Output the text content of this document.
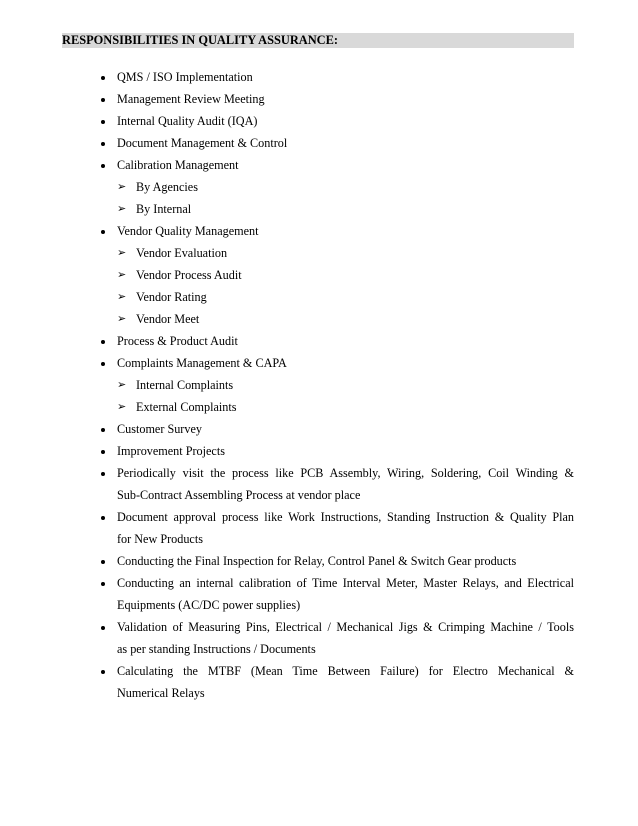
RESPONSIBILITIES IN QUALITY ASSURANCE:
QMS / ISO Implementation
Management Review Meeting
Internal Quality Audit (IQA)
Document Management & Control
Calibration Management
➢ By Agencies
➢ By Internal
Vendor Quality Management
➢ Vendor Evaluation
➢ Vendor Process Audit
➢ Vendor Rating
➢ Vendor Meet
Process & Product Audit
Complaints Management & CAPA
➢ Internal Complaints
➢ External Complaints
Customer Survey
Improvement Projects
Periodically visit the process like PCB Assembly, Wiring, Soldering, Coil Winding &
Sub-Contract Assembling Process at vendor place
Document approval process like Work Instructions, Standing Instruction & Quality Plan
for New Products
Conducting the Final Inspection for Relay, Control Panel & Switch Gear products
Conducting an internal calibration of Time Interval Meter, Master Relays, and Electrical
Equipments (AC/DC power supplies)
Validation of Measuring Pins, Electrical / Mechanical Jigs & Crimping Machine / Tools
as per standing Instructions / Documents
Calculating the MTBF (Mean Time Between Failure) for Electro Mechanical &
Numerical Relays
